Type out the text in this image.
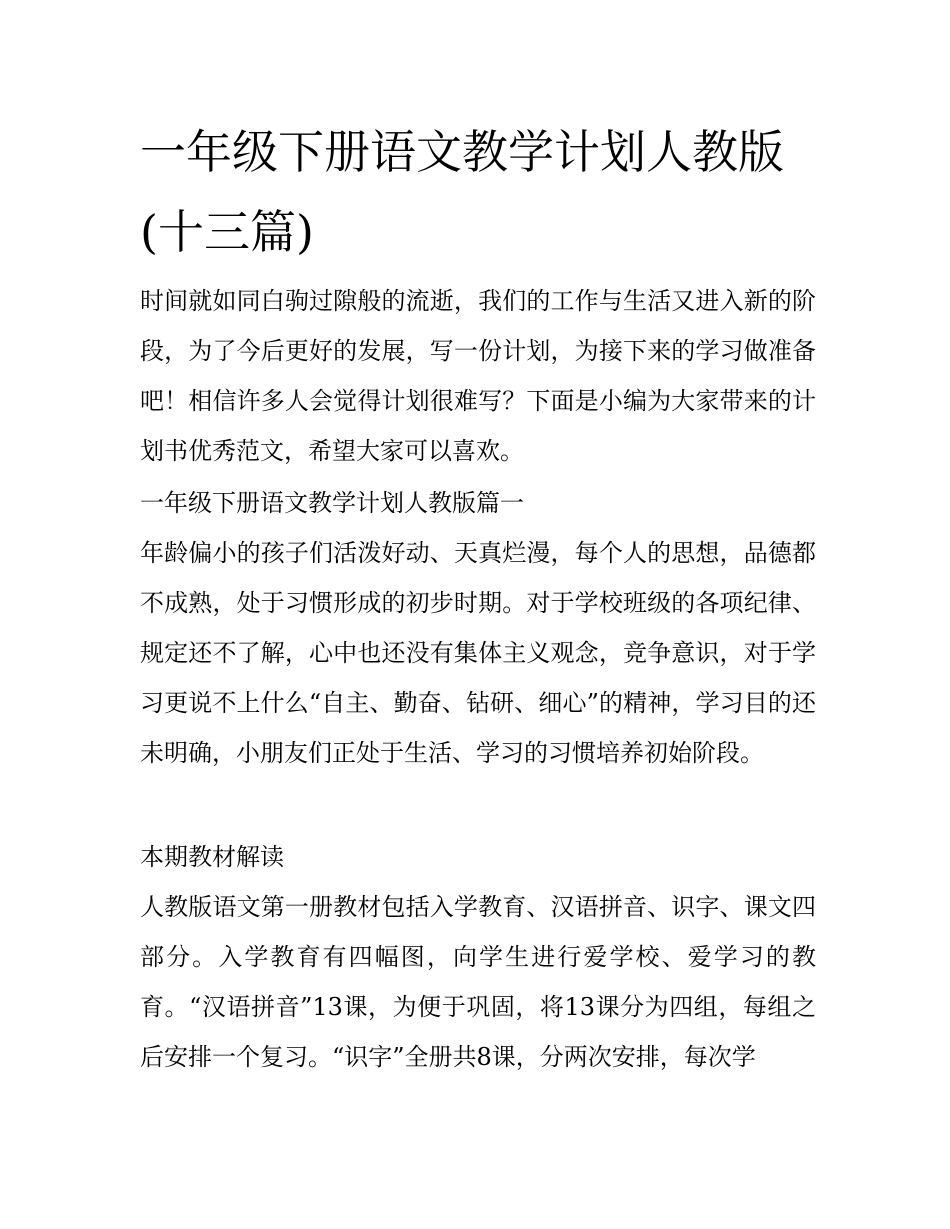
一年级下册语文教学计划人教版(十三篇)

时间就如同白驹过隙般的流逝，我们的工作与生活又进入新的阶段，为了今后更好的发展，写一份计划，为接下来的学习做准备吧！相信许多人会觉得计划很难写？下面是小编为大家带来的计划书优秀范文，希望大家可以喜欢。

一年级下册语文教学计划人教版篇一

年龄偏小的孩子们活泼好动、天真烂漫，每个人的思想，品德都不成熟，处于习惯形成的初步时期。对于学校班级的各项纪律、规定还不了解，心中也还没有集体主义观念，竞争意识，对于学习更说不上什么“自主、勤奋、钻研、细心”的精神，学习目的还未明确，小朋友们正处于生活、学习的习惯培养初始阶段。

本期教材解读

人教版语文第一册教材包括入学教育、汉语拼音、识字、课文四部分。入学教育有四幅图，向学生进行爱学校、爱学习的教育。“汉语拼音”13课，为便于巩固，将13课分为四组，每组之后安排一个复习。“识字”全册共8课，分两次安排，每次学
